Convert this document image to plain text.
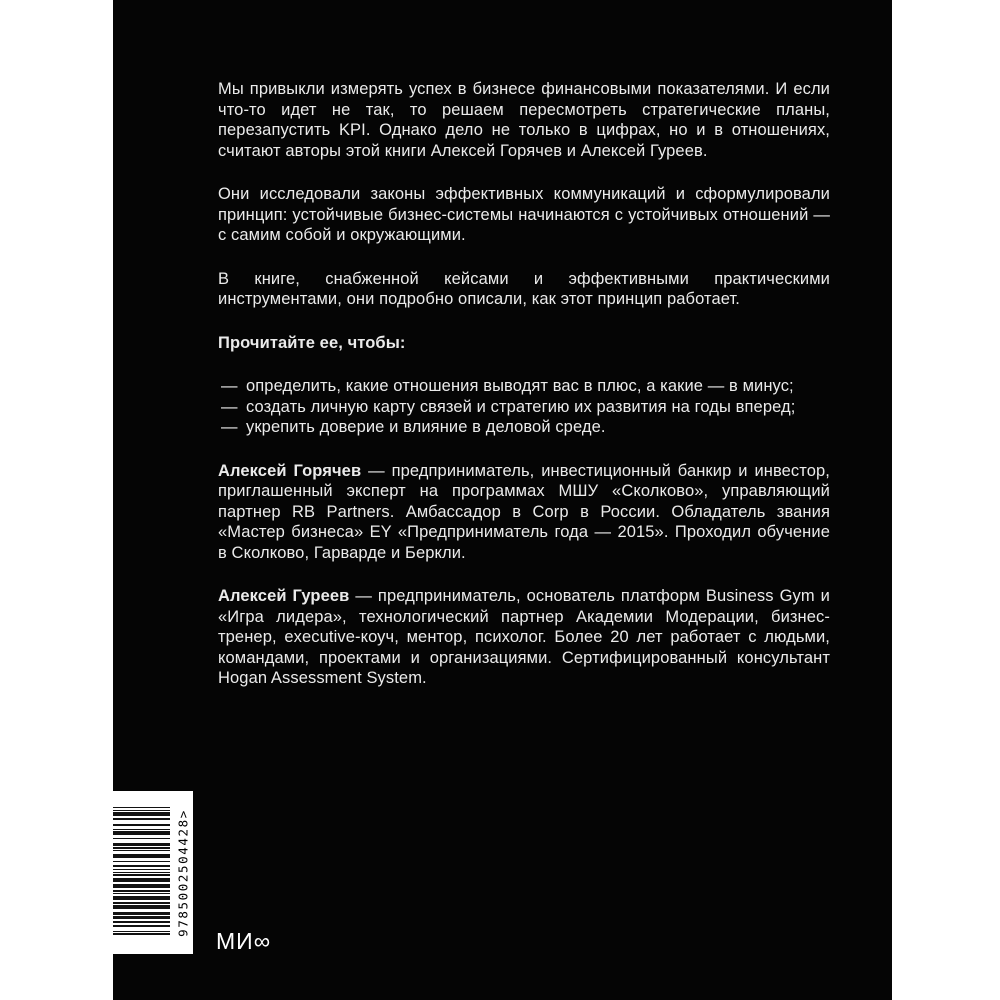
Мы привыкли измерять успех в бизнесе финансовыми показателями. И если что-то идет не так, то решаем пересмотреть стратегические планы, перезапустить KPI. Однако дело не только в цифрах, но и в отношениях, считают авторы этой книги Алексей Горячев и Алексей Гуреев.

Они исследовали законы эффективных коммуникаций и сформулировали принцип: устойчивые бизнес-системы начинаются с устойчивых отношений — с самим собой и окружающими.

В книге, снабженной кейсами и эффективными практическими инструментами, они подробно описали, как этот принцип работает.

Прочитайте ее, чтобы:

— определить, какие отношения выводят вас в плюс, а какие — в минус;
— создать личную карту связей и стратегию их развития на годы вперед;
— укрепить доверие и влияние в деловой среде.

Алексей Горячев — предприниматель, инвестиционный банкир и инвестор, приглашенный эксперт на программах МШУ «Сколково», управляющий партнер RB Partners. Амбассадор в Corp в России. Обладатель звания «Мастер бизнеса» EY «Предприниматель года — 2015». Проходил обучение в Сколково, Гарварде и Беркли.

Алексей Гуреев — предприниматель, основатель платформ Business Gym и «Игра лидера», технологический партнер Академии Модерации, бизнес-тренер, executive-коуч, ментор, психолог. Более 20 лет работает с людьми, командами, проектами и организациями. Сертифицированный консультант Hogan Assessment System.

9785002504428>
МИ∞
